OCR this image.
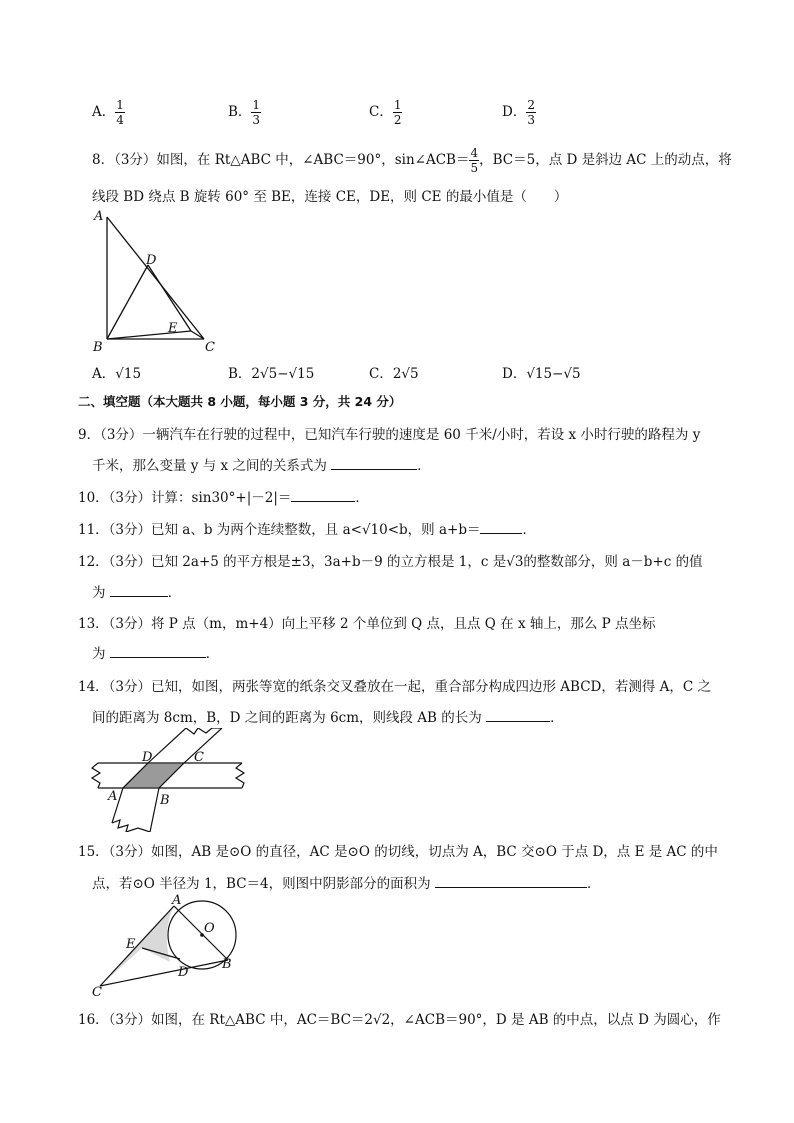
A． $\frac{1}{4}$	B． $\frac{1}{3}$	C． $\frac{1}{2}$	D． $\frac{2}{3}$
8．（3分）如图，在 Rt△ABC 中，∠ABC＝90°，sin∠ACB＝ $\frac{4}{5}$ ，BC＝5，点 D 是斜边 AC 上的动点，将
线段 BD 绕点 B 旋转 60° 至 BE，连接 CE，DE，则 CE 的最小值是（　　）
A
D
E
B	C
A．√15	B．2√5−√15	C．2√5	D．√15−√5
二、填空题（本大题共 8 小题，每小题 3 分，共 24 分）
9．（3分）一辆汽车在行驶的过程中，已知汽车行驶的速度是 60 千米/小时，若设 x 小时行驶的路程为 y
千米，那么变量 y 与 x 之间的关系式为	．
10．（3分）计算：sin30°+|－2|＝	．
11．（3分）已知 a、b 为两个连续整数，且 a<√10<b，则 a+b＝	．
12．（3分）已知 2a+5 的平方根是±3，3a+b－9 的立方根是 1，c 是√3的整数部分，则 a－b+c 的值
为	．
13．（3分）将 P 点（m，m+4）向上平移 2 个单位到 Q 点，且点 Q 在 x 轴上，那么 P 点坐标
为	．
14．（3分）已知，如图，两张等宽的纸条交叉叠放在一起，重合部分构成四边形 ABCD，若测得 A，C 之
间的距离为 8cm，B，D 之间的距离为 6cm，则线段 AB 的长为	．
D	C
A	B
15．（3分）如图，AB 是⊙O 的直径，AC 是⊙O 的切线，切点为 A，BC 交⊙O 于点 D，点 E 是 AC 的中
点，若⊙O 半径为 1，BC＝4，则图中阴影部分的面积为	．
A
O
E
D
B
C
16．（3分）如图，在 Rt△ABC 中，AC＝BC＝2√2，∠ACB＝90°，D 是 AB 的中点，以点 D 为圆心，作
